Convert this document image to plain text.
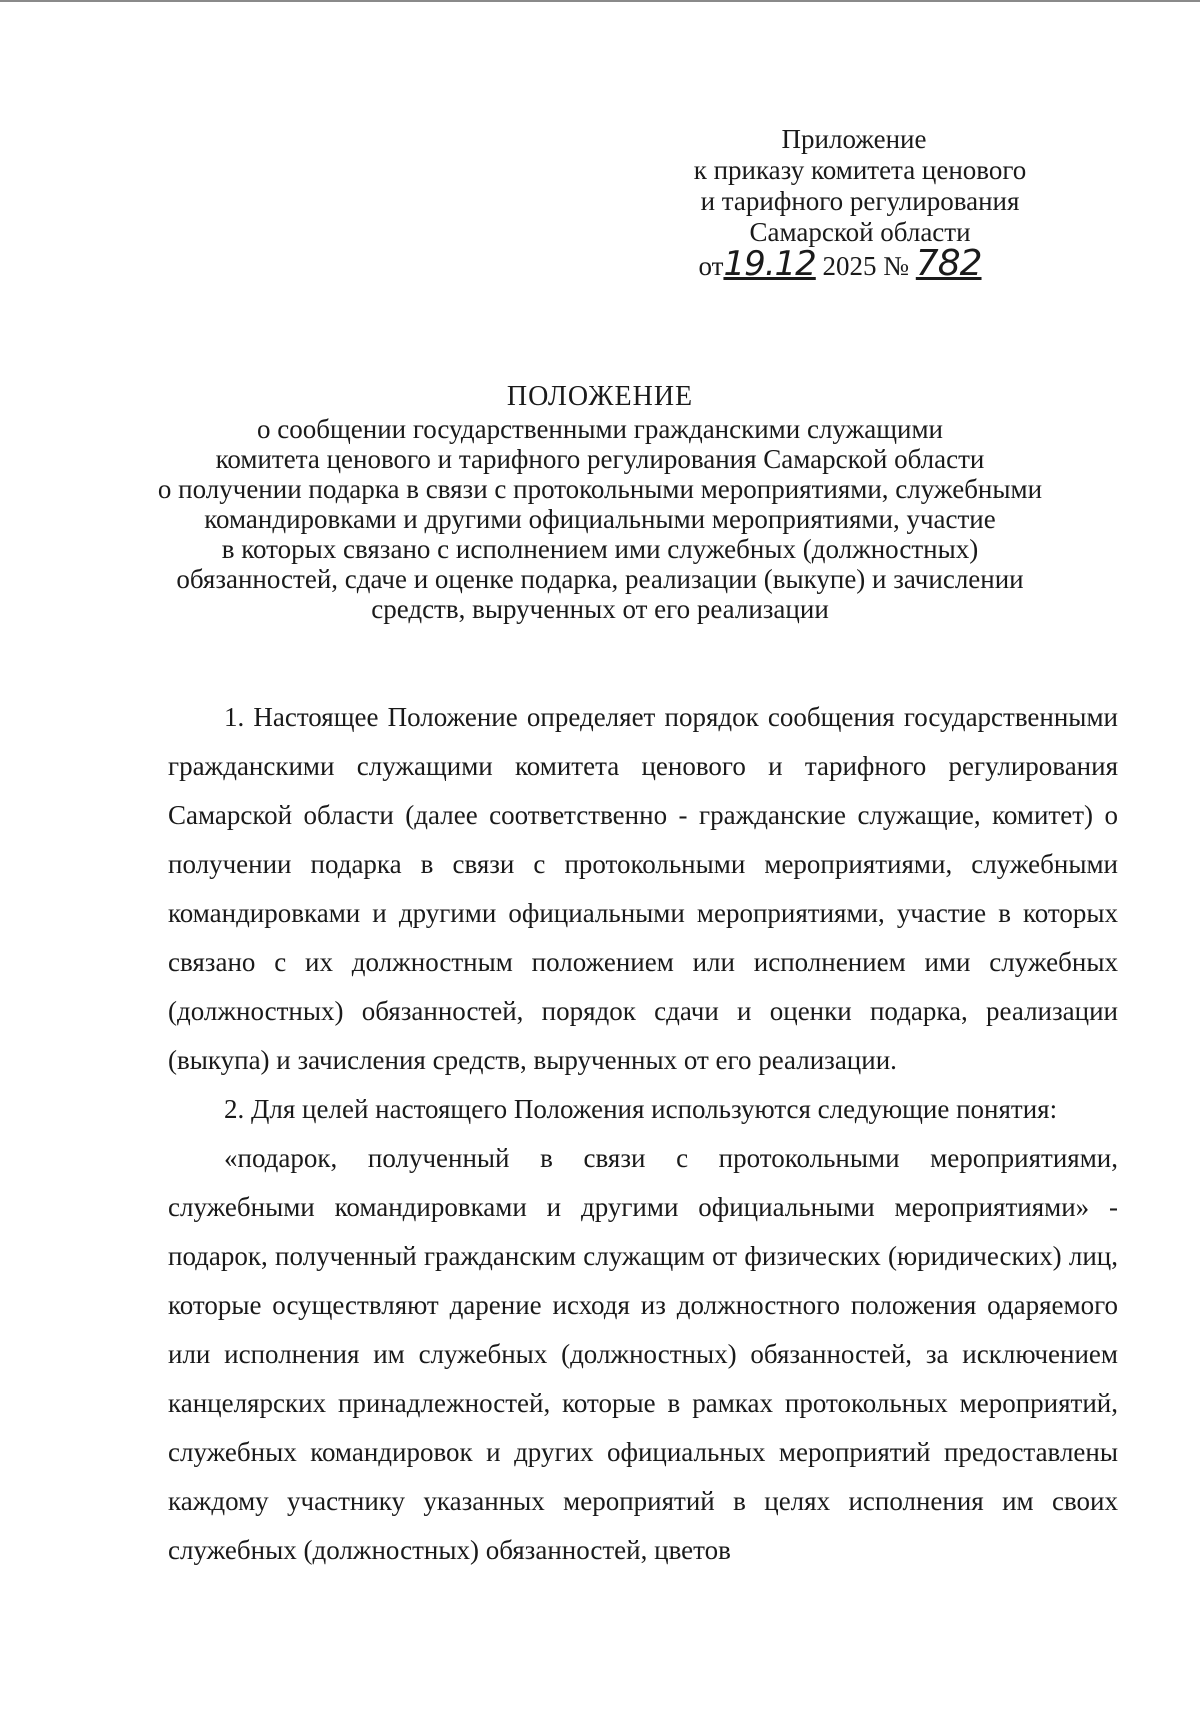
Приложение
к приказу комитета ценового
и тарифного регулирования
Самарской области
от19.12 2025 № 782
ПОЛОЖЕНИЕ
о сообщении государственными гражданскими служащими
комитета ценового и тарифного регулирования Самарской области
о получении подарка в связи с протокольными мероприятиями, служебными
командировками и другими официальными мероприятиями, участие
в которых связано с исполнением ими служебных (должностных)
обязанностей, сдаче и оценке подарка, реализации (выкупе) и зачислении
средств, вырученных от его реализации

1. Настоящее Положение определяет порядок сообщения государственными гражданскими служащими комитета ценового и тарифного регулирования Самарской области (далее соответственно - гражданские служащие, комитет) о получении подарка в связи с протокольными мероприятиями, служебными командировками и другими официальными мероприятиями, участие в которых связано с их должностным положением или исполнением ими служебных (должностных) обязанностей, порядок сдачи и оценки подарка, реализации (выкупа) и зачисления средств, вырученных от его реализации.

2. Для целей настоящего Положения используются следующие понятия:

«подарок, полученный в связи с протокольными мероприятиями, служебными командировками и другими официальными мероприятиями» - подарок, полученный гражданским служащим от физических (юридических) лиц, которые осуществляют дарение исходя из должностного положения одаряемого или исполнения им служебных (должностных) обязанностей, за исключением канцелярских принадлежностей, которые в рамках протокольных мероприятий, служебных командировок и других официальных мероприятий предоставлены каждому участнику указанных мероприятий в целях исполнения им своих служебных (должностных) обязанностей, цветов
